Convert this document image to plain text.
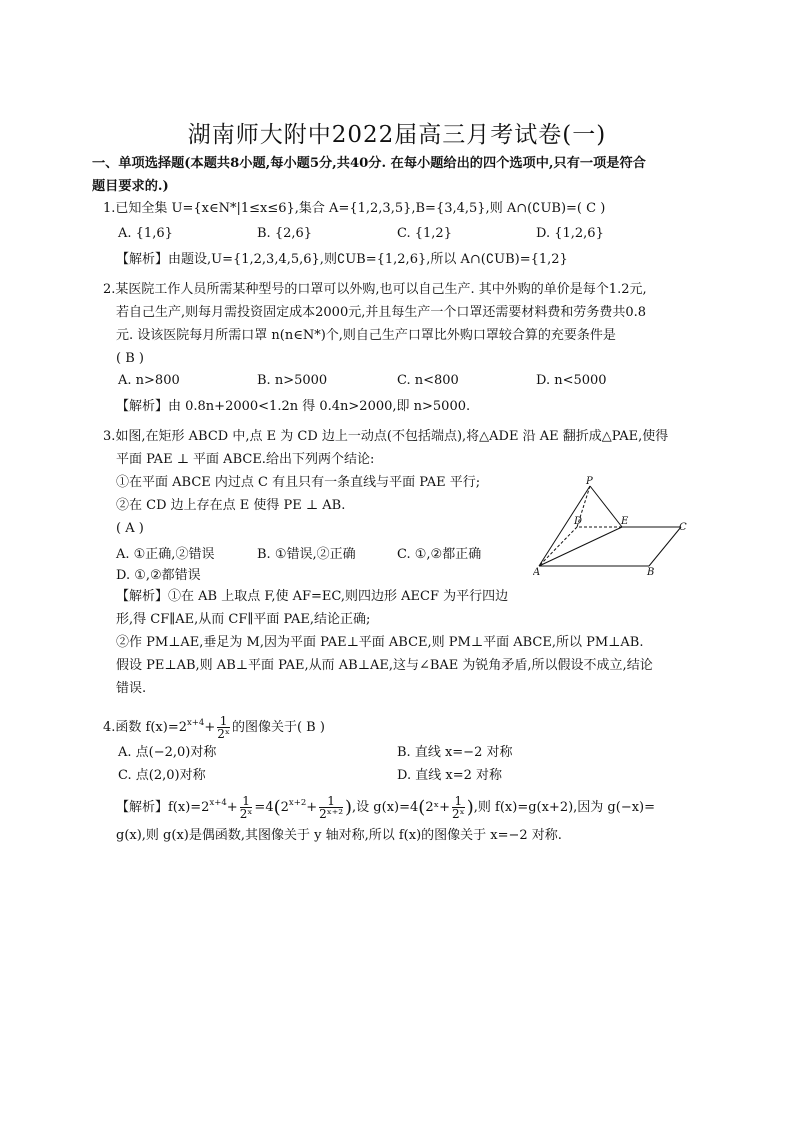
湖南师大附中2022届高三月考试卷(一)
一、单项选择题(本题共8小题,每小题5分,共40分. 在每小题给出的四个选项中,只有一项是符合
题目要求的.)
1.已知全集 U={x∈N*|1≤x≤6},集合 A={1,2,3,5},B={3,4,5},则 A∩(∁UB)=( C )
A. {1,6}	B. {2,6}	C. {1,2}	D. {1,2,6}
【解析】由题设,U={1,2,3,4,5,6},则∁UB={1,2,6},所以 A∩(∁UB)={1,2}
2.某医院工作人员所需某种型号的口罩可以外购,也可以自己生产. 其中外购的单价是每个1.2元,
若自己生产,则每月需投资固定成本2000元,并且每生产一个口罩还需要材料费和劳务费共0.8
元. 设该医院每月所需口罩 n(n∈N*)个,则自己生产口罩比外购口罩较合算的充要条件是
( B )
A. n>800	B. n>5000	C. n<800	D. n<5000
【解析】由 0.8n+2000<1.2n 得 0.4n>2000,即 n>5000.
3.如图,在矩形 ABCD 中,点 E 为 CD 边上一动点(不包括端点),将△ADE 沿 AE 翻折成△PAE,使得
平面 PAE ⊥ 平面 ABCE.给出下列两个结论:
①在平面 ABCE 内过点 C 有且只有一条直线与平面 PAE 平行;
②在 CD 边上存在点 E 使得 PE ⊥ AB.
( A )
A. ①正确,②错误	B. ①错误,②正确	C. ①,②都正确
D. ①,②都错误
P
D	E
C
A	B
【解析】①在 AB 上取点 F,使 AF=EC,则四边形 AECF 为平行四边
形,得 CF∥AE,从而 CF∥平面 PAE,结论正确;
②作 PM⊥AE,垂足为 M,因为平面 PAE⊥平面 ABCE,则 PM⊥平面 ABCE,所以 PM⊥AB.
假设 PE⊥AB,则 AB⊥平面 PAE,从而 AB⊥AE,这与∠BAE 为锐角矛盾,所以假设不成立,结论
错误.
4.函数 $f(x)=2^{x+4}+ \frac{1}{\text{2ˣ}}$ 的图像关于( B )
A. 点(−2,0)对称	B. 直线 x=−2 对称
C. 点(2,0)对称	D. 直线 x=2 对称
【解析】$f(x)=2^{x+4}+ \frac{1}{\text{2ˣ}} =4(2^{x+2}+ \frac{1}{\text{2ˣ⁺²}}$ ),设 g(x)=4(2ˣ+ $\frac{1}{\text{2ˣ}}$ ),则 f(x)=g(x+2),因为 g(−x)=
g(x),则 g(x)是偶函数,其图像关于 y 轴对称,所以 f(x)的图像关于 x=−2 对称.
